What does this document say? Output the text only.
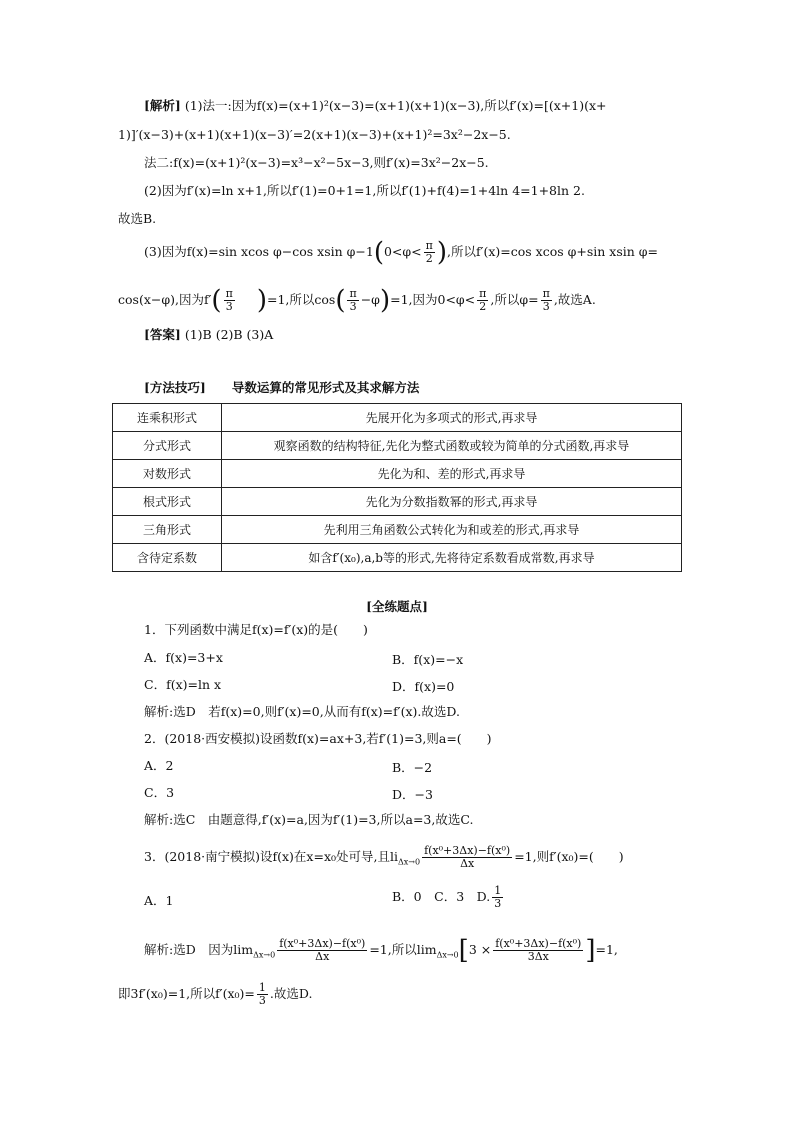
[解析] (1)法一:因为f(x)=(x+1)²(x−3)=(x+1)(x+1)(x−3),所以f′(x)=[(x+1)(x+
1)]′(x−3)+(x+1)(x+1)(x−3)′=2(x+1)(x−3)+(x+1)²=3x²−2x−5.
法二:f(x)=(x+1)²(x−3)=x³−x²−5x−3,则f′(x)=3x²−2x−5.
(2)因为f′(x)=ln x+1,所以f′(1)=0+1=1,所以f′(1)+f(4)=1+4ln 4=1+8ln 2.
故选B.
(3)因为f(x)=sin xcos φ−cos xsin $\varphi-1(0<\varphi< \frac{\pi}{2}$ ),所以f′(x)=cos xcos φ+sin xsin φ=
cos(x−φ),因为$f'( \frac{\pi}{3} )=1$,所以$\cos( \frac{\pi}{3} -\varphi)=1$,因为$0<\varphi< \frac{\pi}{2}$ ,所以$\varphi= \frac{\pi}{3}$ ,故选A.
[答案] (1)B (2)B (3)A
[方法技巧] 导数运算的常见形式及其求解方法
连乘积形式	先展开化为多项式的形式,再求导
分式形式	观察函数的结构特征,先化为整式函数或较为简单的分式函数,再求导
对数形式	先化为和、差的形式,再求导
根式形式	先化为分数指数幂的形式,再求导
三角形式	先利用三角函数公式转化为和或差的形式,再求导
含待定系数	如含f′(x₀),a,b等的形式,先将待定系数看成常数,再求导
[全练题点]
1．下列函数中满足f(x)=f′(x)的是(　　)
A．f(x)=3+x	B．f(x)=−x
C．f(x)=ln x	D．f(x)=0
解析:选D　若f(x)=0,则f′(x)=0,从而有f(x)=f′(x).故选D.
2．(2018·西安模拟)设函数f(x)=ax+3,若f′(1)=3,则a=(　　)
A．2	B．−2
C．3	D．−3
解析:选C　由题意得,f′(x)=a,因为f′(1)=3,所以a=3,故选C.
3．(2018·南宁模拟)设f(x)在x=x₀处可导,且$li_{\Delta x\to 0} \frac{\text{f(x⁰+3Δx)−f(x⁰)}}{\Delta x} =1$,则f′(x₀)=(　　)
A．1	B．0　C．3　D. $\frac{1}{3}$
解析:选D　因为$\lim_{\Delta x\to 0} \frac{\text{f(x⁰+3Δx)−f(x⁰)}}{\Delta x} =1$,所以$\lim_{\Delta x\to 0}[3 \times \frac{\text{f(x⁰+3Δx)−f(x⁰)}}{3\Delta x} ]=1$,
即3f′(x₀)=1,所以$f'(x_0)= \frac{1}{3}$ .故选D.
